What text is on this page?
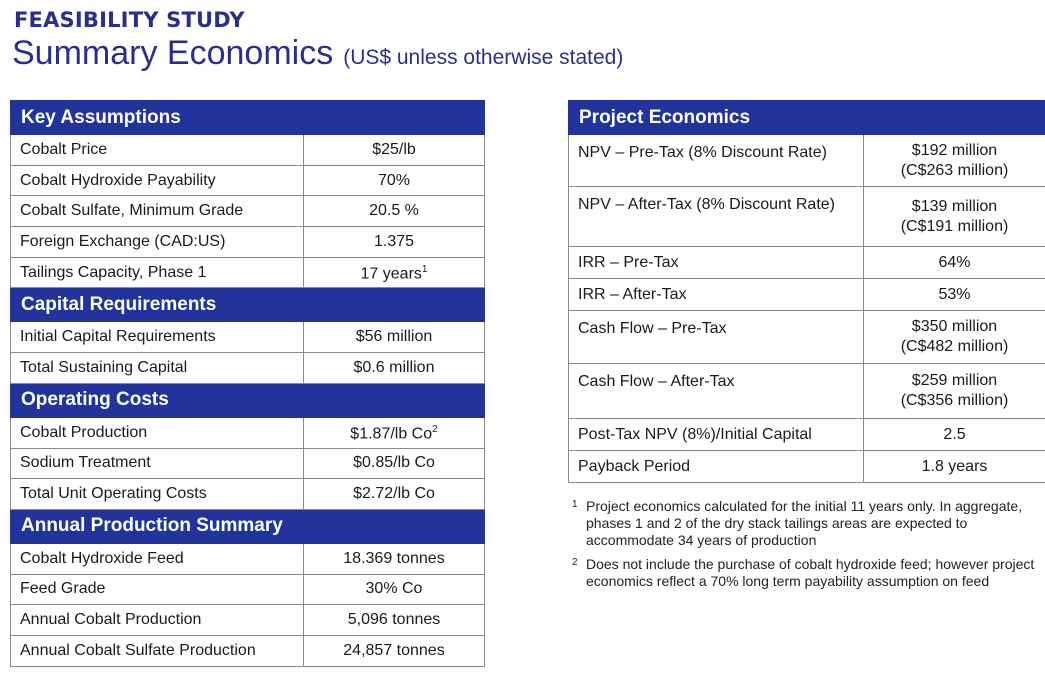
FEASIBILITY STUDY
Summary Economics (US$ unless otherwise stated)
Key Assumptions	
Cobalt Price	$25/lb
Cobalt Hydroxide Payability	70%
Cobalt Sulfate, Minimum Grade	20.5 %
Foreign Exchange (CAD:US)	1.375
Tailings Capacity, Phase 1	17 years$^1$
Capital Requirements	
Initial Capital Requirements	$56 million
Total Sustaining Capital	$0.6 million
Operating Costs	
Cobalt Production	$1.87/lb Co$^2$
Sodium Treatment	$0.85/lb Co
Total Unit Operating Costs	$2.72/lb Co
Annual Production Summary	
Cobalt Hydroxide Feed	18.369 tonnes
Feed Grade	30% Co
Annual Cobalt Production	5,096 tonnes
Annual Cobalt Sulfate Production	24,857 tonnes
Project Economics	
NPV – Pre-Tax (8% Discount Rate)	$192 million
(C$263 million)

NPV – After-Tax (8% Discount Rate)	$139 million
(C$191 million)

IRR – Pre-Tax	64%
IRR – After-Tax	53%
Cash Flow – Pre-Tax	$350 million
(C$482 million)

Cash Flow – After-Tax	$259 million
(C$356 million)

Post-Tax NPV (8%)/Initial Capital	2.5
Payback Period	1.8 years
1 Project economics calculated for the initial 11 years only. In aggregate, phases 1 and 2 of the dry stack tailings areas are expected to accommodate 34 years of production
2 Does not include the purchase of cobalt hydroxide feed; however project economics reflect a 70% long term payability assumption on feed
